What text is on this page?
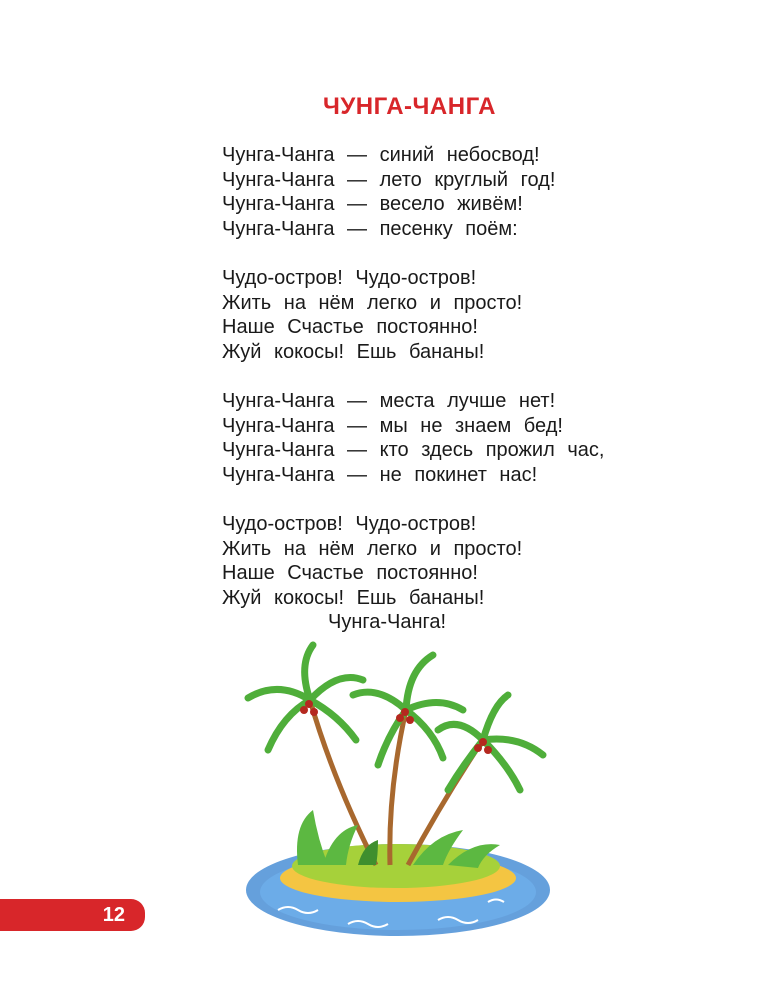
ЧУНГА-ЧАНГА
Чунга-Чанга — синий небосвод!
Чунга-Чанга — лето круглый год!
Чунга-Чанга — весело живём!
Чунга-Чанга — песенку поём:
Чудо-остров! Чудо-остров!
Жить на нём легко и просто!
Наше Счастье постоянно!
Жуй кокосы! Ешь бананы!
Чунга-Чанга — места лучше нет!
Чунга-Чанга — мы не знаем бед!
Чунга-Чанга — кто здесь прожил час,
Чунга-Чанга — не покинет нас!
Чудо-остров! Чудо-остров!
Жить на нём легко и просто!
Наше Счастье постоянно!
Жуй кокосы! Ешь бананы!
Чунга-Чанга!
12
